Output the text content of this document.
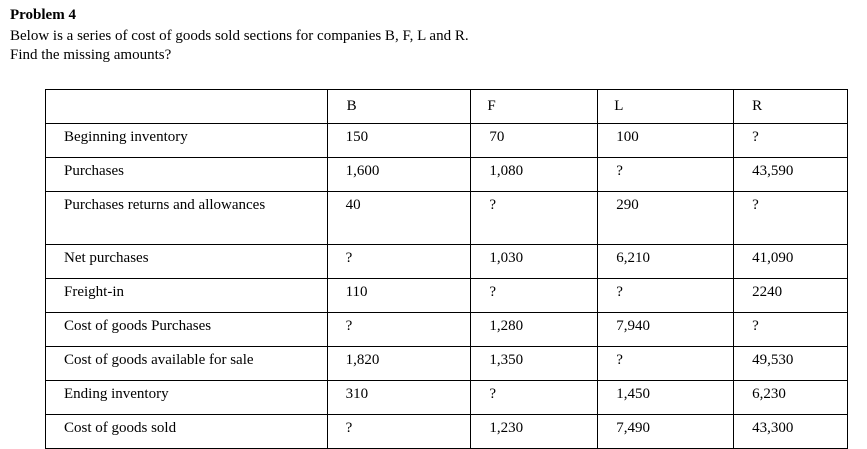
Problem 4
Below is a series of cost of goods sold sections for companies B, F, L and R.
Find the missing amounts?
	B	F	L	R
Beginning inventory	150	70	100	?
Purchases	1,600	1,080	?	43,590
Purchases returns and allowances	40	?	290	?
Net purchases	?	1,030	6,210	41,090
Freight-in	110	?	?	2240
Cost of goods Purchases	?	1,280	7,940	?
Cost of goods available for sale	1,820	1,350	?	49,530
Ending inventory	310	?	1,450	6,230
Cost of goods sold	?	1,230	7,490	43,300
